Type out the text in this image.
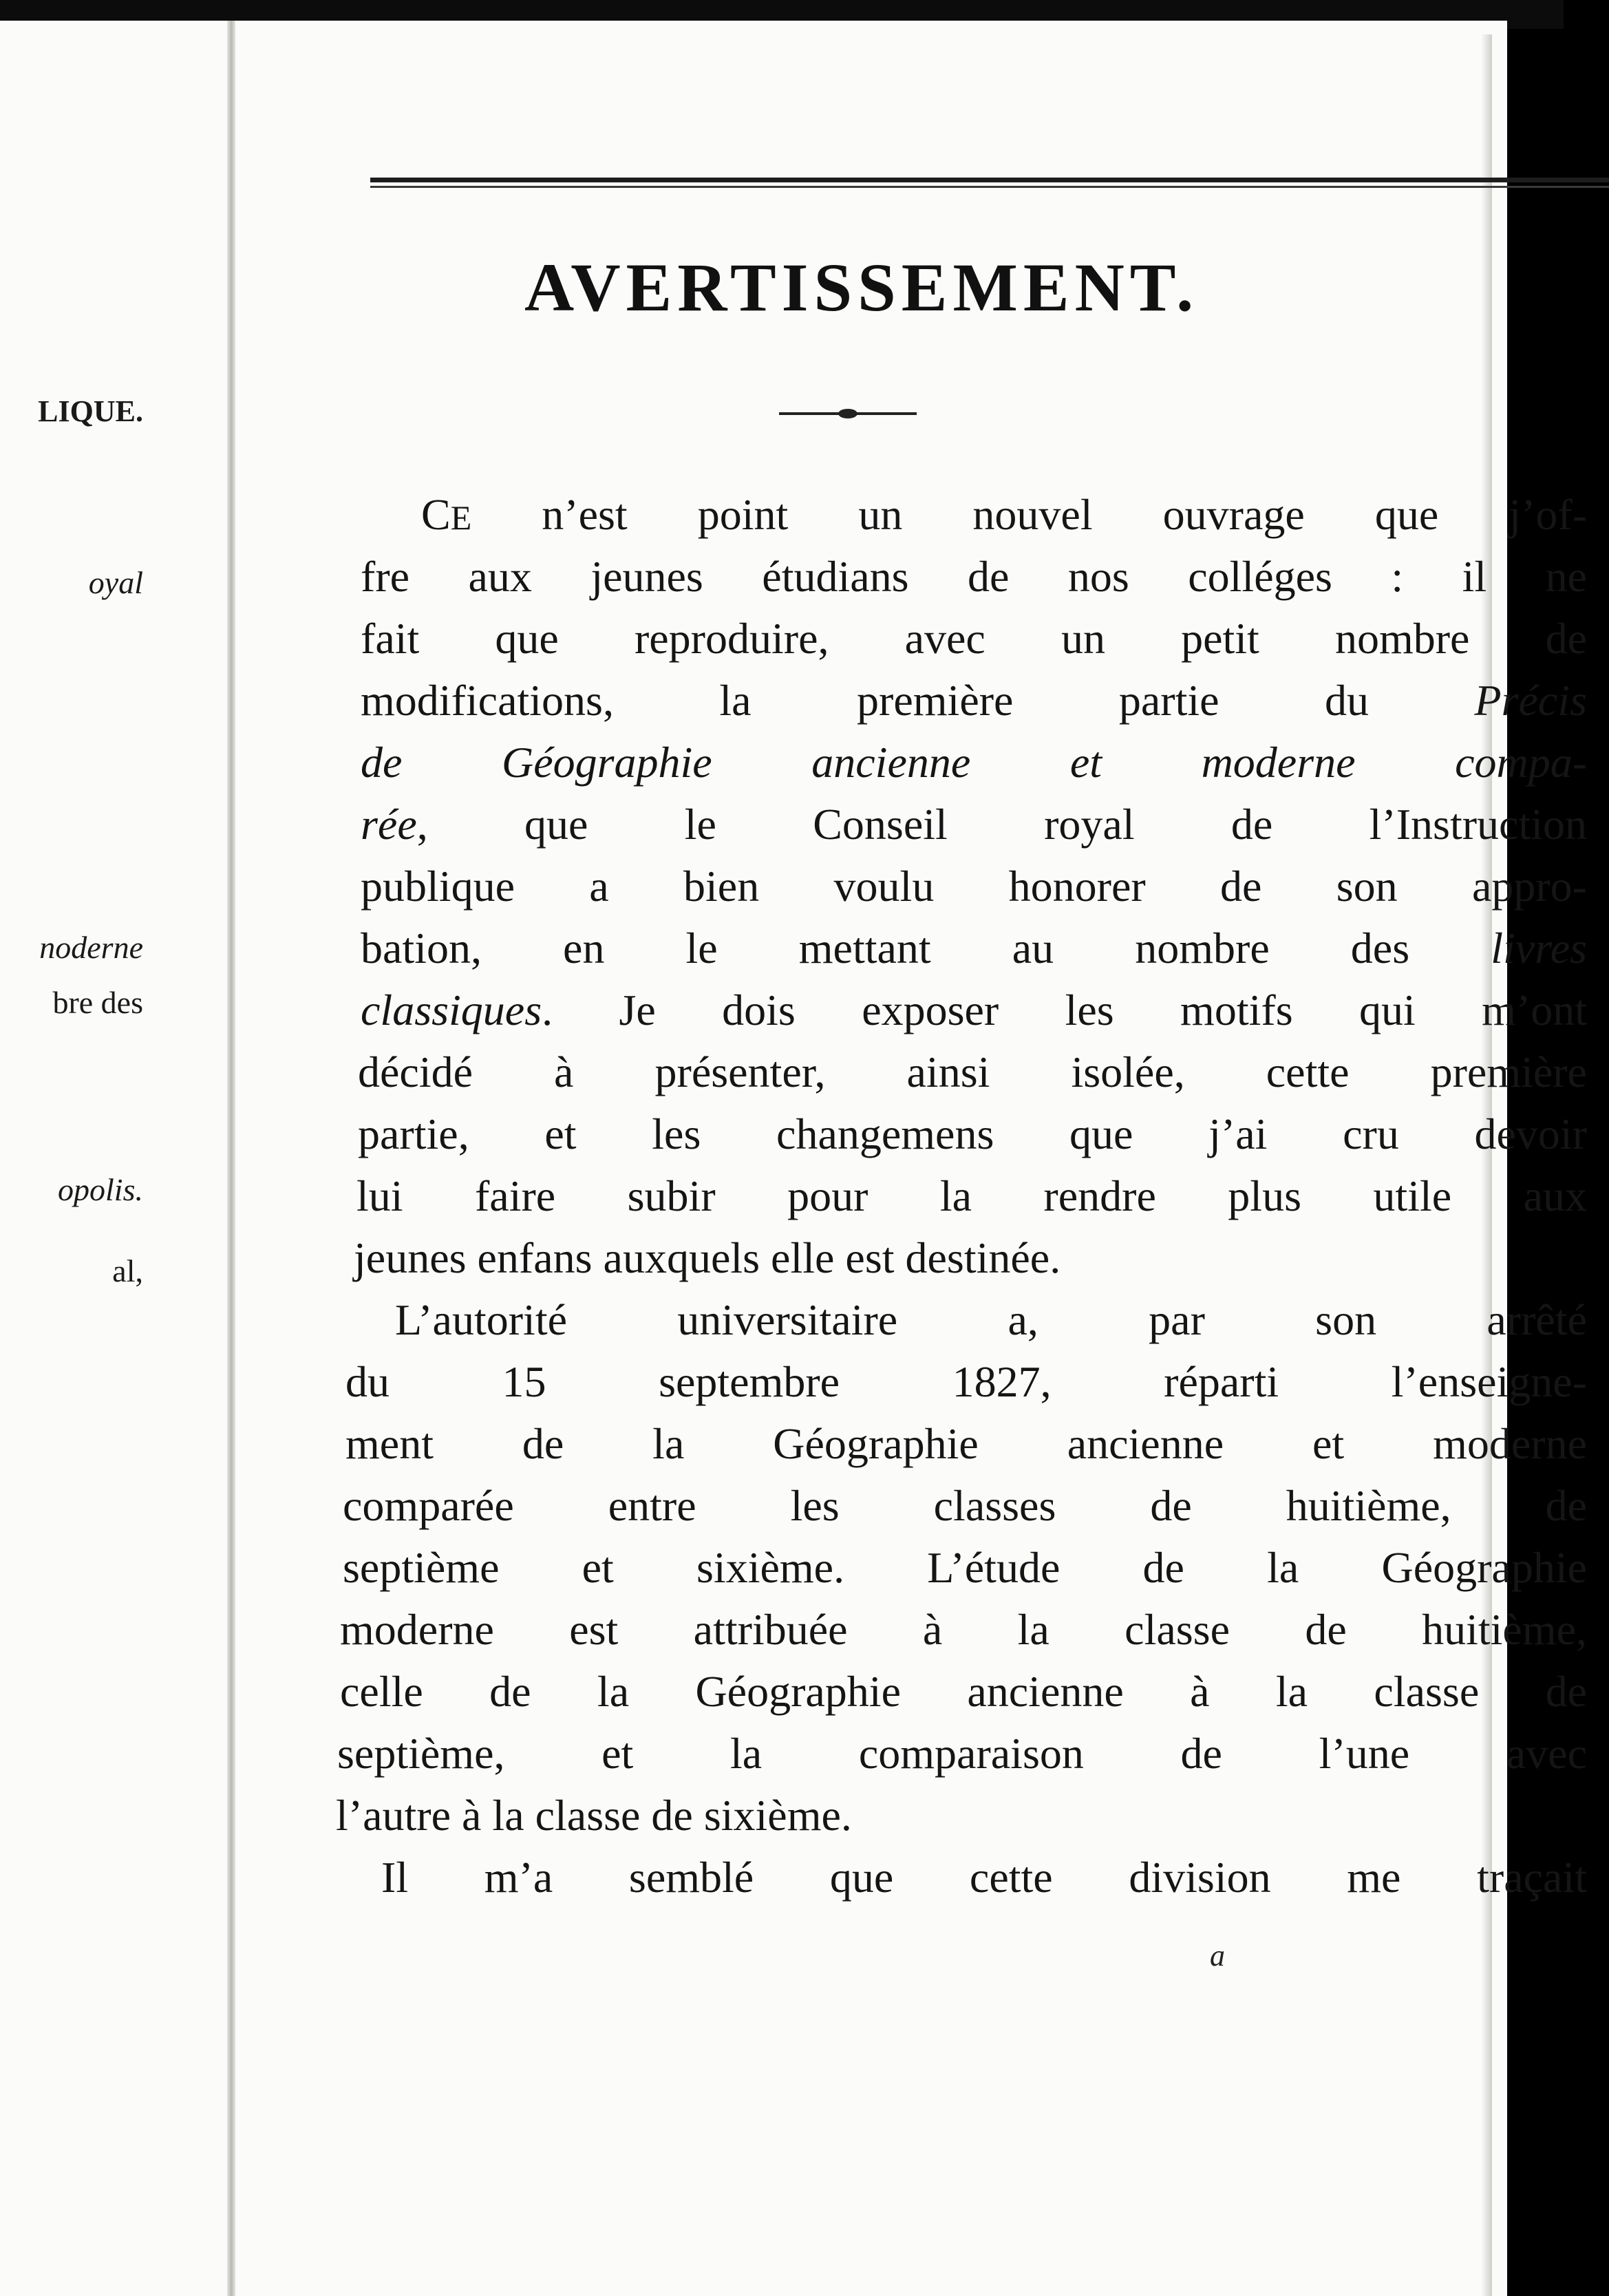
LIQUE.
oyal
noderne
bre des
opolis.
al,
AVERTISSEMENT.
CE n’est point un nouvel ouvrage que j’of-
fre aux jeunes étudians de nos colléges : il ne
fait que reproduire, avec un petit nombre de
modifications, la première partie du Précis
de Géographie ancienne et moderne compa-
rée, que le Conseil royal de l’Instruction
publique a bien voulu honorer de son appro-
bation, en le mettant au nombre des livres
classiques. Je dois exposer les motifs qui m’ont
décidé à présenter, ainsi isolée, cette première
partie, et les changemens que j’ai cru devoir
lui faire subir pour la rendre plus utile aux
jeunes enfans auxquels elle est destinée.
L’autorité universitaire a, par son arrêté
du 15 septembre 1827, réparti l’enseigne-
ment de la Géographie ancienne et moderne
comparée entre les classes de huitième, de
septième et sixième. L’étude de la Géographie
moderne est attribuée à la classe de huitième,
celle de la Géographie ancienne à la classe de
septième, et la comparaison de l’une avec
l’autre à la classe de sixième.
Il m’a semblé que cette division me traçait
a
